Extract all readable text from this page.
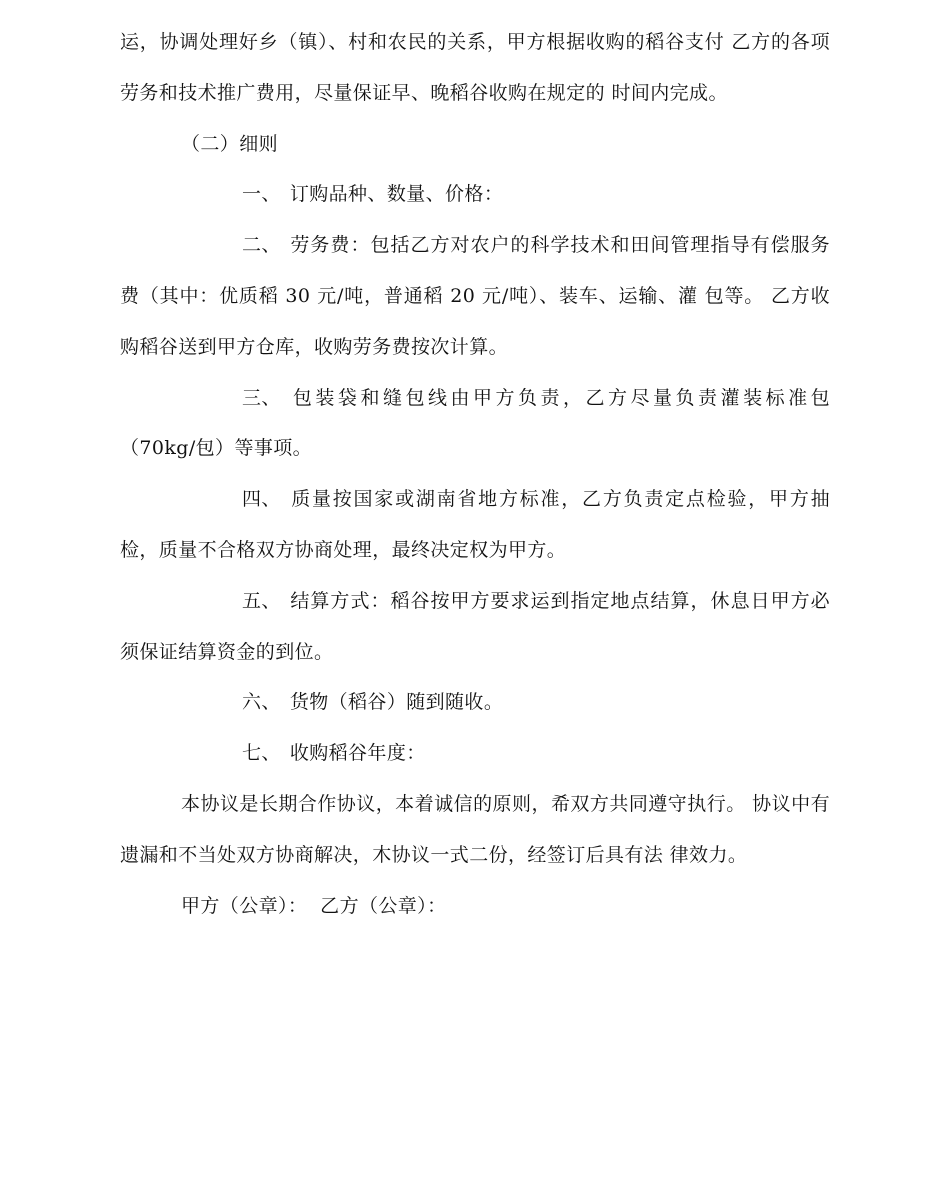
运，协调处理好乡（镇）、村和农民的关系，甲方根据收购的稻谷支付 乙方的各项劳务和技术推广费用，尽量保证早、晚稻谷收购在规定的 时间内完成。

（二）细则

一、 订购品种、数量、价格：

二、 劳务费：包括乙方对农户的科学技术和田间管理指导有偿服务 费（其中：优质稻 30 元/吨，普通稻 20 元/吨）、装车、运输、灌 包等。 乙方收购稻谷送到甲方仓库，收购劳务费按次计算。

三、 包装袋和缝包线由甲方负责，乙方尽量负责灌装标准包（70kg/包）等事项。

四、 质量按国家或湖南省地方标准，乙方负责定点检验，甲方抽 检，质量不合格双方协商处理，最终决定权为甲方。

五、 结算方式：稻谷按甲方要求运到指定地点结算，休息日甲方必 须保证结算资金的到位。

六、 货物（稻谷）随到随收。

七、 收购稻谷年度：

本协议是长期合作协议，本着诚信的原则，希双方共同遵守执行。 协议中有遗漏和不当处双方协商解决，木协议一式二份，经签订后具有法 律效力。

甲方（公章）：  乙方（公章）：
